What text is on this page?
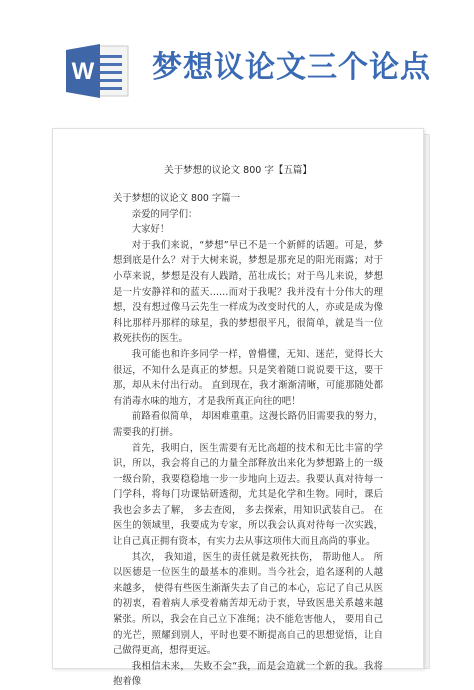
W 梦想议论文三个论点
关于梦想的议论文 800 字【五篇】

关于梦想的议论文 800 字篇一

亲爱的同学们：

大家好！

对于我们来说，“梦想”早已不是一个新鲜的话题。可是，梦想到底是什么？对于大树来说，梦想是那充足的阳光雨露；对于小草来说，梦想是没有人践踏，茁壮成长；对于鸟儿来说，梦想是一片安静祥和的蓝天……而对于我呢？我并没有十分伟大的理想，没有想过像马云先生一样成为改变时代的人，亦或是成为像科比那样丹那样的球星，我的梦想很平凡，很简单，就是当一位救死扶伤的医生。

我可能也和许多同学一样，曾懵懂，无知、迷茫，觉得长大很远，不知什么是真正的梦想。只是笑着随口说说要干这，要干那，却从未付出行动。 直到现在，我才渐渐清晰，可能那随处都有消毒水味的地方，才是我所真正向往的吧！

前路看似简单， 却困难重重。这漫长路仍旧需要我的努力， 需要我的打拼。

首先，我明白，医生需要有无比高超的技术和无比丰富的学识，所以，我会将自己的力量全部释放出来化为梦想路上的一级一级台阶，我要稳稳地一步一步地向上迈去。我要认真对待每一门学科，将每门功课钻研透彻，尤其是化学和生物。同时，课后我也会多去了解， 多去查阅， 多去探索，用知识武装自己。 在医生的领域里，我要成为专家，所以我会认真对待每一次实践，让自己真正拥有资本，有实力去从事这项伟大而且高尚的事业。

其次， 我知道，医生的责任就是救死扶伤， 帮助他人。 所以医德是一位医生的最基本的准则。当今社会，追名逐利的人越来越多， 使得有些医生渐渐失去了自己的本心，忘记了自己从医的初衷，看着病人承受着痛苦却无动于衷，导致医患关系越来越紧张。所以，我会在自己立下准绳；决不能危害他人， 要用自己的光芒，照耀到别人，平时也要不断提高自己的思想觉悟，让自己做得更高，想得更远。

我相信未来， 失败不会“我，而是会造就一个新的我。我将抱着像
